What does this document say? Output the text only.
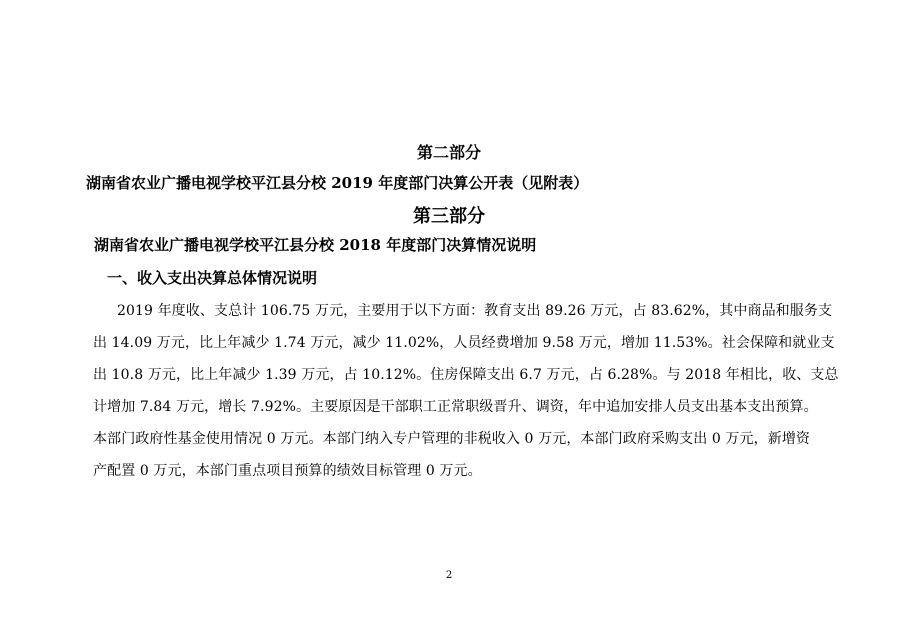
第二部分
湖南省农业广播电视学校平江县分校 2019 年度部门决算公开表（见附表）
第三部分
湖南省农业广播电视学校平江县分校 2018 年度部门决算情况说明
一、收入支出决算总体情况说明
2019 年度收、支总计 106.75 万元，主要用于以下方面：教育支出 89.26 万元，占 83.62%，其中商品和服务支
出 14.09 万元，比上年减少 1.74 万元，减少 11.02%，人员经费增加 9.58 万元，增加 11.53%。社会保障和就业支
出 10.8 万元，比上年减少 1.39 万元，占 10.12%。住房保障支出 6.7 万元，占 6.28%。与 2018 年相比，收、支总
计增加 7.84 万元，增长 7.92%。主要原因是干部职工正常职级晋升、调资，年中追加安排人员支出基本支出预算。
本部门政府性基金使用情况 0 万元。本部门纳入专户管理的非税收入 0 万元，本部门政府采购支出 0 万元，新增资
产配置 0 万元，本部门重点项目预算的绩效目标管理 0 万元。
2
